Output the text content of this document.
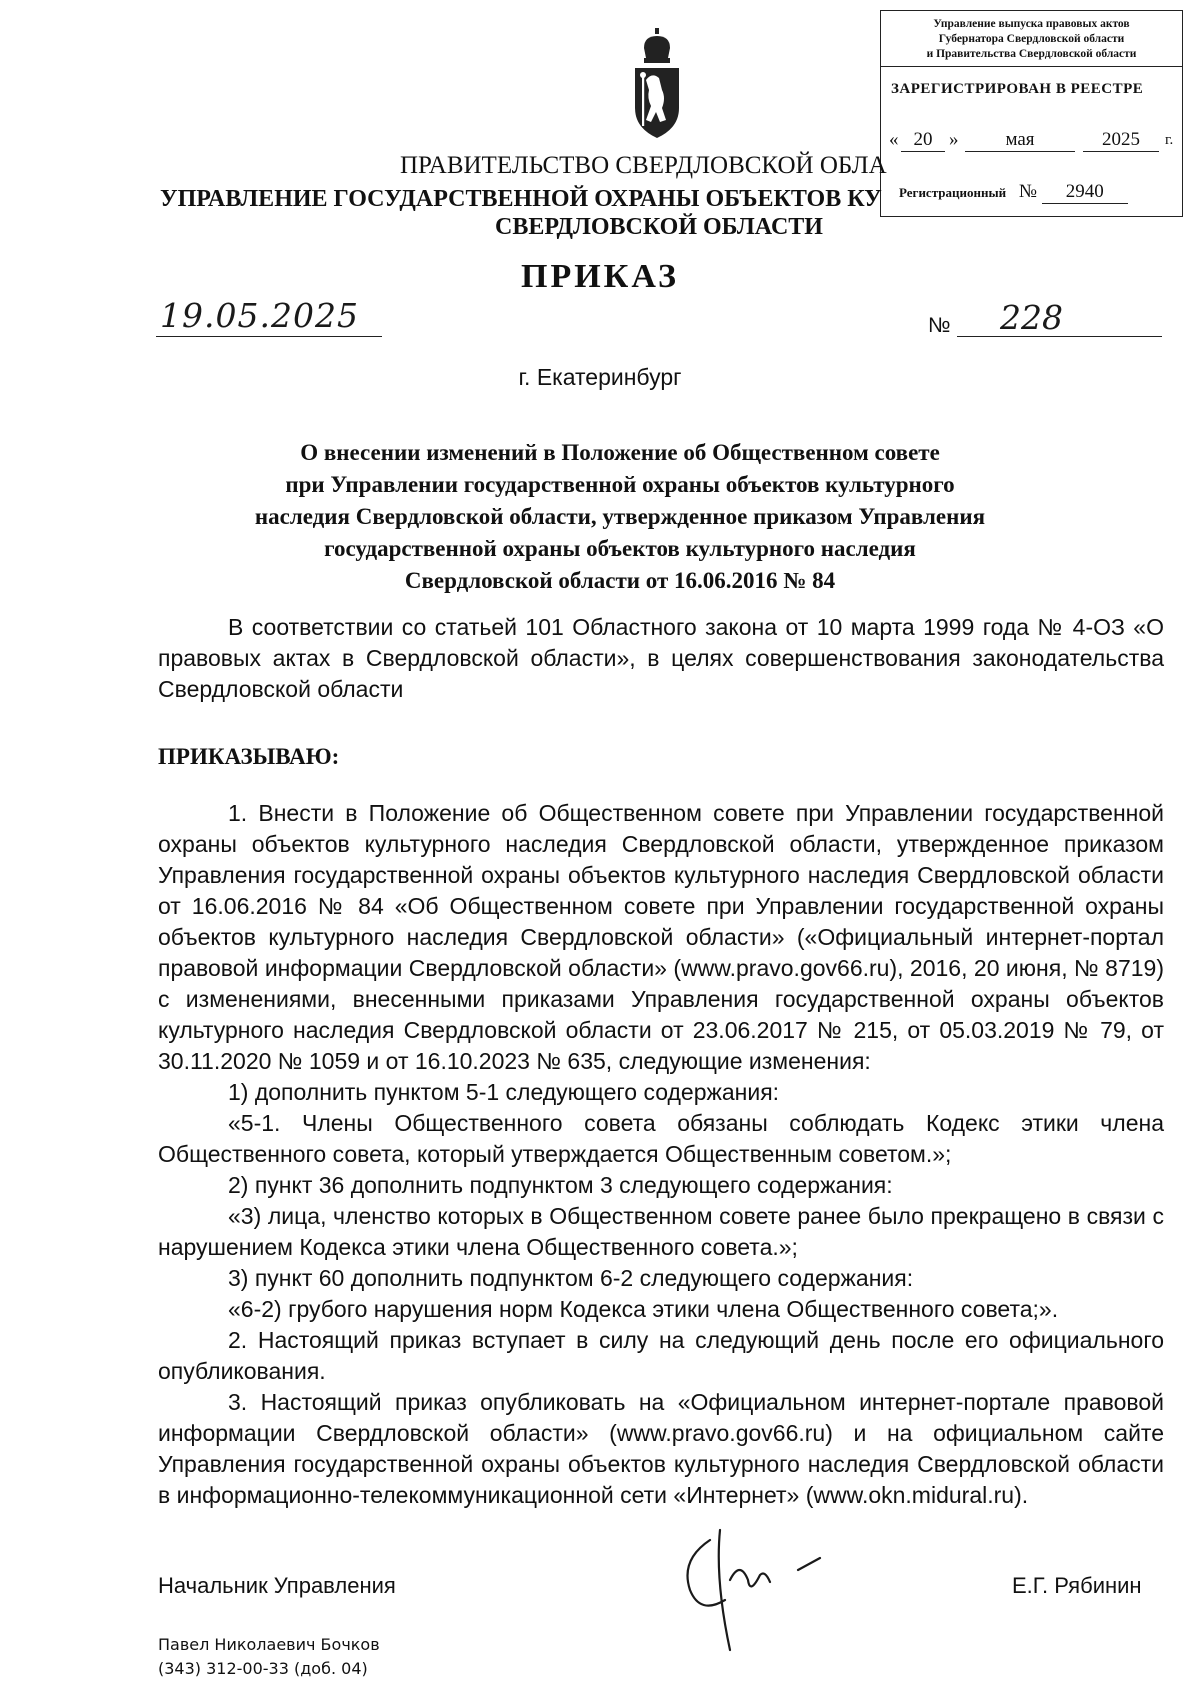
Управление выпуска правовых актов
Губернатора Свердловской области
и Правительства Свердловской области
ЗАРЕГИСТРИРОВАН В РЕЕСТРЕ
« 20 »	мая	2025	г.
Регистрационный № 2940
ПРАВИТЕЛЬСТВО СВЕРДЛОВСКОЙ ОБЛА
УПРАВЛЕНИЕ ГОСУДАРСТВЕННОЙ ОХРАНЫ ОБЪЕКТОВ КУ
СВЕРДЛОВСКОЙ ОБЛАСТИ
ПРИКАЗ
19.05.2025	№ 228
г. Екатеринбург
О внесении изменений в Положение об Общественном совете
при Управлении государственной охраны объектов культурного
наследия Свердловской области, утвержденное приказом Управления
государственной охраны объектов культурного наследия
Свердловской области от 16.06.2016 № 84

В соответствии со статьей 101 Областного закона от 10 марта 1999 года № 4-ОЗ «О правовых актах в Свердловской области», в целях совершенствования законодательства Свердловской области

ПРИКАЗЫВАЮ:

1. Внести в Положение об Общественном совете при Управлении государственной охраны объектов культурного наследия Свердловской области, утвержденное приказом Управления государственной охраны объектов культурного наследия Свердловской области от 16.06.2016 № 84 «Об Общественном совете при Управлении государственной охраны объектов культурного наследия Свердловской области» («Официальный интернет-портал правовой информации Свердловской области» (www.pravo.gov66.ru), 2016, 20 июня, № 8719) с изменениями, внесенными приказами Управления государственной охраны объектов культурного наследия Свердловской области от 23.06.2017 № 215, от 05.03.2019 № 79, от 30.11.2020 № 1059 и от 16.10.2023 № 635, следующие изменения:

1) дополнить пунктом 5-1 следующего содержания:

«5-1. Члены Общественного совета обязаны соблюдать Кодекс этики члена Общественного совета, который утверждается Общественным советом.»;

2) пункт 36 дополнить подпунктом 3 следующего содержания:

«3) лица, членство которых в Общественном совете ранее было прекращено в связи с нарушением Кодекса этики члена Общественного совета.»;

3) пункт 60 дополнить подпунктом 6-2 следующего содержания:

«6-2) грубого нарушения норм Кодекса этики члена Общественного совета;».

2. Настоящий приказ вступает в силу на следующий день после его официального опубликования.

3. Настоящий приказ опубликовать на «Официальном интернет-портале правовой информации Свердловской области» (www.pravo.gov66.ru) и на официальном сайте Управления государственной охраны объектов культурного наследия Свердловской области в информационно-телекоммуникационной сети «Интернет» (www.okn.midural.ru).

Начальник Управления	Е.Г. Рябинин
Павел Николаевич Бочков
(343) 312-00-33 (доб. 04)
